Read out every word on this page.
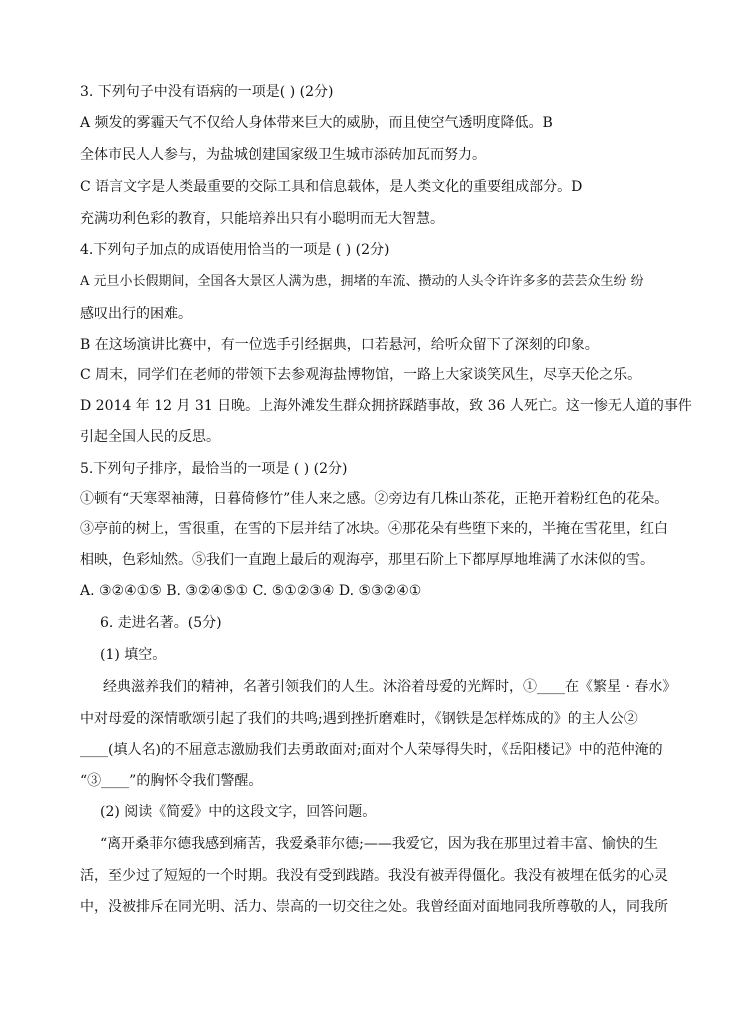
3. 下列句子中没有语病的一项是( ) (2分)
A 频发的雾霾天气不仅给人身体带来巨大的威胁，而且使空气透明度降低。B
全体市民人人参与，为盐城创建国家级卫生城市添砖加瓦而努力。
C 语言文字是人类最重要的交际工具和信息载体，是人类文化的重要组成部分。D
充满功利色彩的教育，只能培养出只有小聪明而无大智慧。
4.下列句子加点的成语使用恰当的一项是 ( ) (2分)
A 元旦小长假期间，全国各大景区人满为患，拥堵的车流、攒动的人头令许许多多的芸芸众生纷 纷
感叹出行的困难。
B 在这场演讲比赛中，有一位选手引经据典，口若悬河，给听众留下了深刻的印象。
C 周末，同学们在老师的带领下去参观海盐博物馆，一路上大家谈笑风生，尽享天伦之乐。
D 2014 年 12 月 31 日晚。上海外滩发生群众拥挤踩踏事故，致 36 人死亡。这一惨无人道的事件
引起全国人民的反思。
5.下列句子排序，最恰当的一项是 ( ) (2分)
①顿有“天寒翠袖薄，日暮倚修竹”佳人来之感。②旁边有几株山茶花，正艳开着粉红色的花朵。
③亭前的树上，雪很重，在雪的下层并结了冰块。④那花朵有些堕下来的，半掩在雪花里，红白
相映，色彩灿然。⑤我们一直跑上最后的观海亭，那里石阶上下都厚厚地堆满了水沫似的雪。
A. ③②④①⑤ B. ③②④⑤① C. ⑤①②③④ D. ⑤③②④①
6. 走进名著。(5分)
(1) 填空。
经典滋养我们的精神，名著引领我们的人生。沐浴着母爱的光辉时，①____在《繁星 · 春水》
中对母爱的深情歌颂引起了我们的共鸣;遇到挫折磨难时，《钢铁是怎样炼成的》的主人公②
____(填人名)的不屈意志激励我们去勇敢面对;面对个人荣辱得失时，《岳阳楼记》中的范仲淹的
“③____”的胸怀令我们警醒。
(2) 阅读《简爱》中的这段文字，回答问题。
“离开桑菲尔德我感到痛苦，我爱桑菲尔德;——我爱它，因为我在那里过着丰富、愉快的生
活，至少过了短短的一个时期。我没有受到践踏。我没有被弄得僵化。我没有被埋在低劣的心灵
中，没被排斥在同光明、活力、崇高的一切交往之处。我曾经面对面地同我所尊敬的人，同我所
